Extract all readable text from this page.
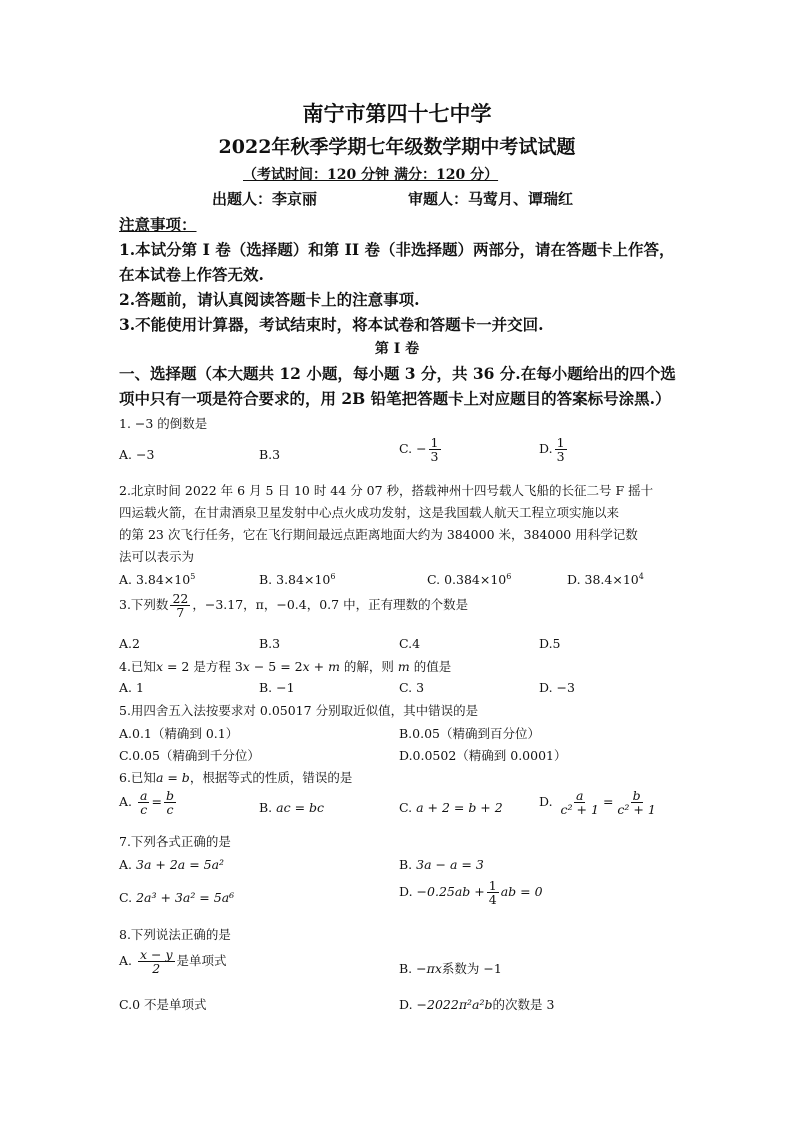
南宁市第四十七中学
2022年秋季学期七年级数学期中考试试题
（考试时间：120 分钟 满分：120 分）
出题人：李京丽	审题人：马莺月、谭瑞红
注意事项：
1.本试分第 I 卷（选择题）和第 II 卷（非选择题）两部分，请在答题卡上作答，
在本试卷上作答无效.
2.答题前，请认真阅读答题卡上的注意事项.
3.不能使用计算器，考试结束时，将本试卷和答题卡一并交回.
第 I 卷
一、选择题（本大题共 12 小题，每小题 3 分，共 36 分.在每小题给出的四个选
项中只有一项是符合要求的，用 2B 铅笔把答题卡上对应题目的答案标号涂黑.）
1. −3 的倒数是
A. −3	B.3	C. − $\frac{1}{3}$	D. $\frac{1}{3}$
2.北京时间 2022 年 6 月 5 日 10 时 44 分 07 秒，搭载神州十四号载人飞船的长征二号 F 摇十
四运载火箭，在甘肃酒泉卫星发射中心点火成功发射，这是我国载人航天工程立项实施以来
的第 23 次飞行任务，它在飞行期间最远点距离地面大约为 384000 米，384000 用科学记数
法可以表示为
A. $3.84\times 10^5$	B. $3.84\times 10^6$	C. $0.384\times 10^6$	D. $38.4\times 10^4$
3.下列数 $\frac{22}{7}$ ，−3.17，π，−0.4，0.7 中，正有理数的个数是
A.2	B.3	C.4	D.5
4.已知x = 2 是方程 3x − 5 = 2x + m 的解，则 m 的值是
A. 1	B. −1	C. 3	D. −3
5.用四舍五入法按要求对 0.05017 分别取近似值，其中错误的是
A.0.1（精确到 0.1）	B.0.05（精确到百分位）
C.0.05（精确到千分位）	D.0.0502（精确到 0.0001）
6.已知a = b，根据等式的性质，错误的是
A. $\frac{a}{c} = \frac{b}{c}$	B. ac = bc	C. a + 2 = b + 2	D. $\frac{a}{\text{c² + 1}} = \frac{b}{\text{c² + 1}}$
7.下列各式正确的是
A. 3a + 2a = 5a²	B. 3a − a = 3
C. 2a³ + 3a² = 5a⁶	D. $-0.25ab + \frac{1}{4}$ ab = 0
8.下列说法正确的是
A. $\frac{x - y}{2}$ 是单项式
B. −πx系数为 −1
C.0 不是单项式	D. −2022π²a²b的次数是 3
